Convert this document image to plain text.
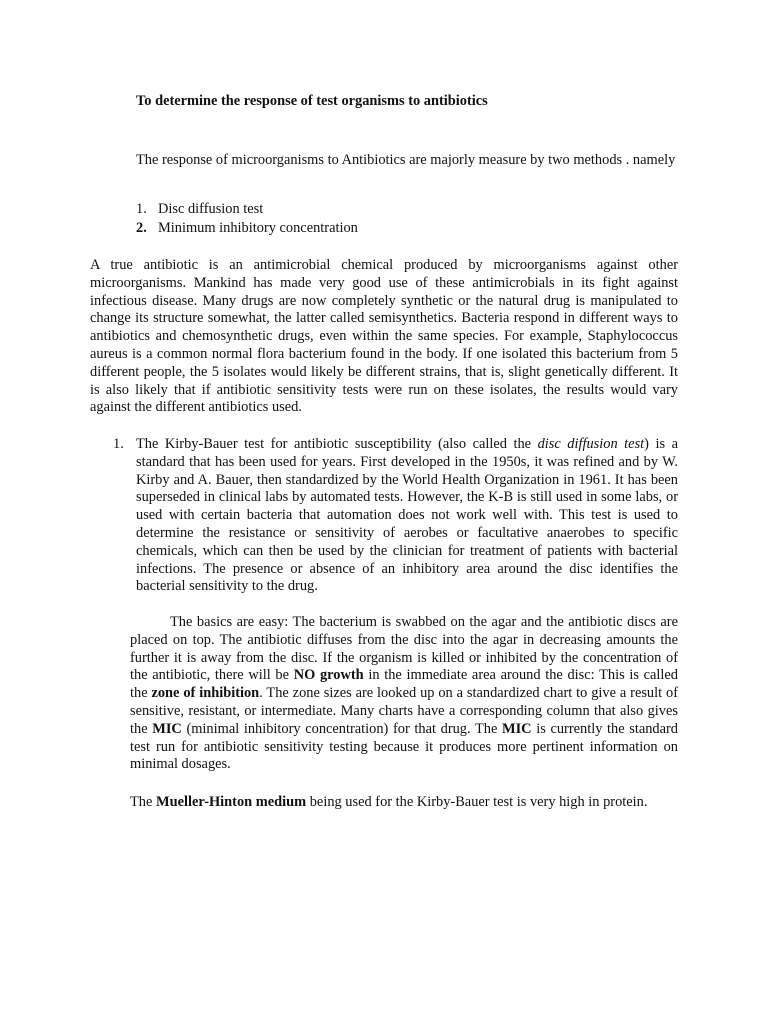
To determine the response of test organisms to antibiotics
The response of microorganisms to Antibiotics are majorly measure by two methods . namely
1. Disc diffusion test
2. Minimum inhibitory concentration
A true antibiotic is an antimicrobial chemical produced by microorganisms against other microorganisms. Mankind has made very good use of these antimicrobials in its fight against infectious disease. Many drugs are now completely synthetic or the natural drug is manipulated to change its structure somewhat, the latter called semisynthetics. Bacteria respond in different ways to antibiotics and chemosynthetic drugs, even within the same species. For example, Staphylococcus aureus is a common normal flora bacterium found in the body. If one isolated this bacterium from 5 different people, the 5 isolates would likely be different strains, that is, slight genetically different. It is also likely that if antibiotic sensitivity tests were run on these isolates, the results would vary against the different antibiotics used.
1. The Kirby-Bauer test for antibiotic susceptibility (also called the disc diffusion test) is a standard that has been used for years. First developed in the 1950s, it was refined and by W. Kirby and A. Bauer, then standardized by the World Health Organization in 1961. It has been superseded in clinical labs by automated tests. However, the K-B is still used in some labs, or used with certain bacteria that automation does not work well with. This test is used to determine the resistance or sensitivity of aerobes or facultative anaerobes to specific chemicals, which can then be used by the clinician for treatment of patients with bacterial infections. The presence or absence of an inhibitory area around the disc identifies the bacterial sensitivity to the drug.
The basics are easy: The bacterium is swabbed on the agar and the antibiotic discs are placed on top. The antibiotic diffuses from the disc into the agar in decreasing amounts the further it is away from the disc. If the organism is killed or inhibited by the concentration of the antibiotic, there will be NO growth in the immediate area around the disc: This is called the zone of inhibition. The zone sizes are looked up on a standardized chart to give a result of sensitive, resistant, or intermediate. Many charts have a corresponding column that also gives the MIC (minimal inhibitory concentration) for that drug. The MIC is currently the standard test run for antibiotic sensitivity testing because it produces more pertinent information on minimal dosages.
The Mueller-Hinton medium being used for the Kirby-Bauer test is very high in protein.
